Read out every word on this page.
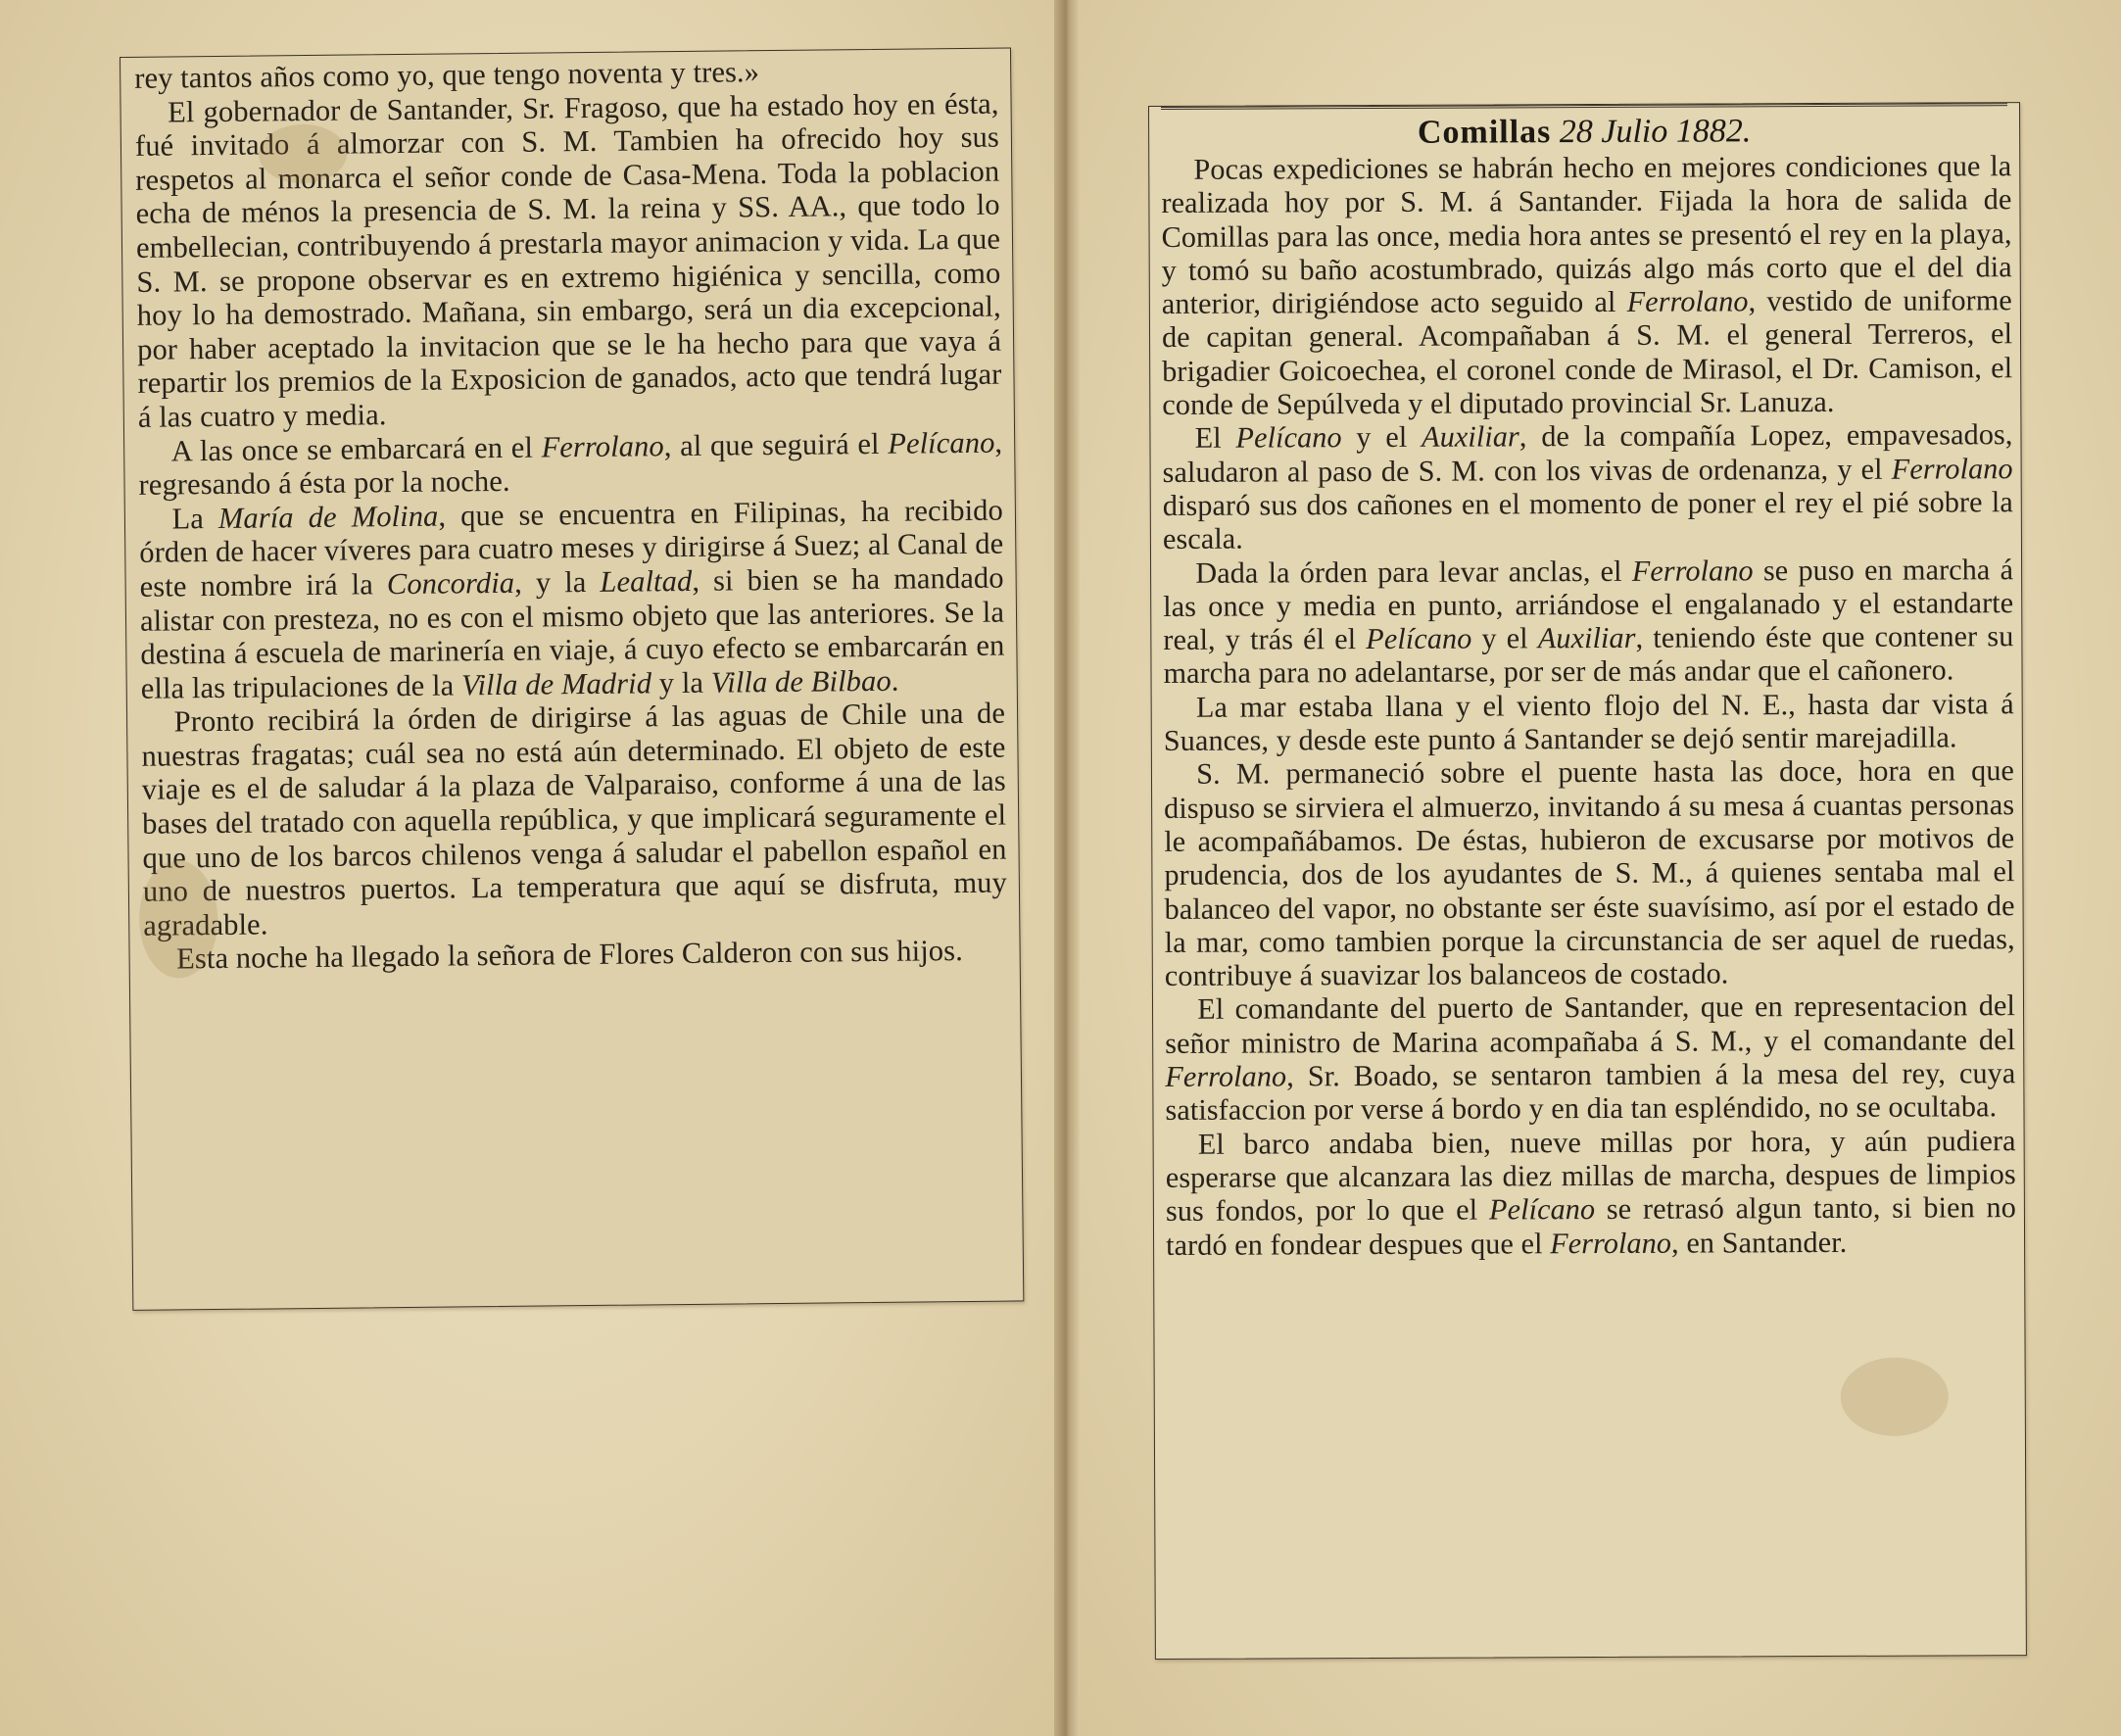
rey tantos años como yo, que tengo noventa y tres.»

El gobernador de Santander, Sr. Fragoso, que ha estado hoy en ésta, fué invitado á almorzar con S. M. Tambien ha ofrecido hoy sus respetos al monarca el señor conde de Casa-Mena. Toda la poblacion echa de ménos la presencia de S. M. la reina y SS. AA., que todo lo embellecian, contribuyendo á prestarla mayor animacion y vida. La que S. M. se propone observar es en extremo higiénica y sencilla, como hoy lo ha demostrado. Mañana, sin embargo, será un dia excepcional, por haber aceptado la invitacion que se le ha hecho para que vaya á repartir los premios de la Exposicion de ganados, acto que tendrá lugar á las cuatro y media.

A las once se embarcará en el Ferrolano, al que seguirá el Pelícano, regresando á ésta por la noche.

La María de Molina, que se encuentra en Filipinas, ha recibido órden de hacer víveres para cuatro meses y dirigirse á Suez; al Canal de este nombre irá la Concordia, y la Lealtad, si bien se ha mandado alistar con presteza, no es con el mismo objeto que las anteriores. Se la destina á escuela de marinería en viaje, á cuyo efecto se embarcarán en ella las tripulaciones de la Villa de Madrid y la Villa de Bilbao.

Pronto recibirá la órden de dirigirse á las aguas de Chile una de nuestras fragatas; cuál sea no está aún determinado. El objeto de este viaje es el de saludar á la plaza de Valparaiso, conforme á una de las bases del tratado con aquella república, y que implicará seguramente el que uno de los barcos chilenos venga á saludar el pabellon español en uno de nuestros puertos. La temperatura que aquí se disfruta, muy agradable.

Esta noche ha llegado la señora de Flores Calderon con sus hijos.

Comillas 28 Julio 1882.

Pocas expediciones se habrán hecho en mejores condiciones que la realizada hoy por S. M. á Santander. Fijada la hora de salida de Comillas para las once, media hora antes se presentó el rey en la playa, y tomó su baño acostumbrado, quizás algo más corto que el del dia anterior, dirigiéndose acto seguido al Ferrolano, vestido de uniforme de capitan general. Acompañaban á S. M. el general Terreros, el brigadier Goicoechea, el coronel conde de Mirasol, el Dr. Camison, el conde de Sepúlveda y el diputado provincial Sr. Lanuza.

El Pelícano y el Auxiliar, de la compañía Lopez, empavesados, saludaron al paso de S. M. con los vivas de ordenanza, y el Ferrolano disparó sus dos cañones en el momento de poner el rey el pié sobre la escala.

Dada la órden para levar anclas, el Ferrolano se puso en marcha á las once y media en punto, arriándose el engalanado y el estandarte real, y trás él el Pelícano y el Auxiliar, teniendo éste que contener su marcha para no adelantarse, por ser de más andar que el cañonero.

La mar estaba llana y el viento flojo del N. E., hasta dar vista á Suances, y desde este punto á Santander se dejó sentir marejadilla.

S. M. permaneció sobre el puente hasta las doce, hora en que dispuso se sirviera el almuerzo, invitando á su mesa á cuantas personas le acompañábamos. De éstas, hubieron de excusarse por motivos de prudencia, dos de los ayudantes de S. M., á quienes sentaba mal el balanceo del vapor, no obstante ser éste suavísimo, así por el estado de la mar, como tambien porque la circunstancia de ser aquel de ruedas, contribuye á suavizar los balanceos de costado.

El comandante del puerto de Santander, que en representacion del señor ministro de Marina acompañaba á S. M., y el comandante del Ferrolano, Sr. Boado, se sentaron tambien á la mesa del rey, cuya satisfaccion por verse á bordo y en dia tan espléndido, no se ocultaba.

El barco andaba bien, nueve millas por hora, y aún pudiera esperarse que alcanzara las diez millas de marcha, despues de limpios sus fondos, por lo que el Pelícano se retrasó algun tanto, si bien no tardó en fondear despues que el Ferrolano, en Santander.
